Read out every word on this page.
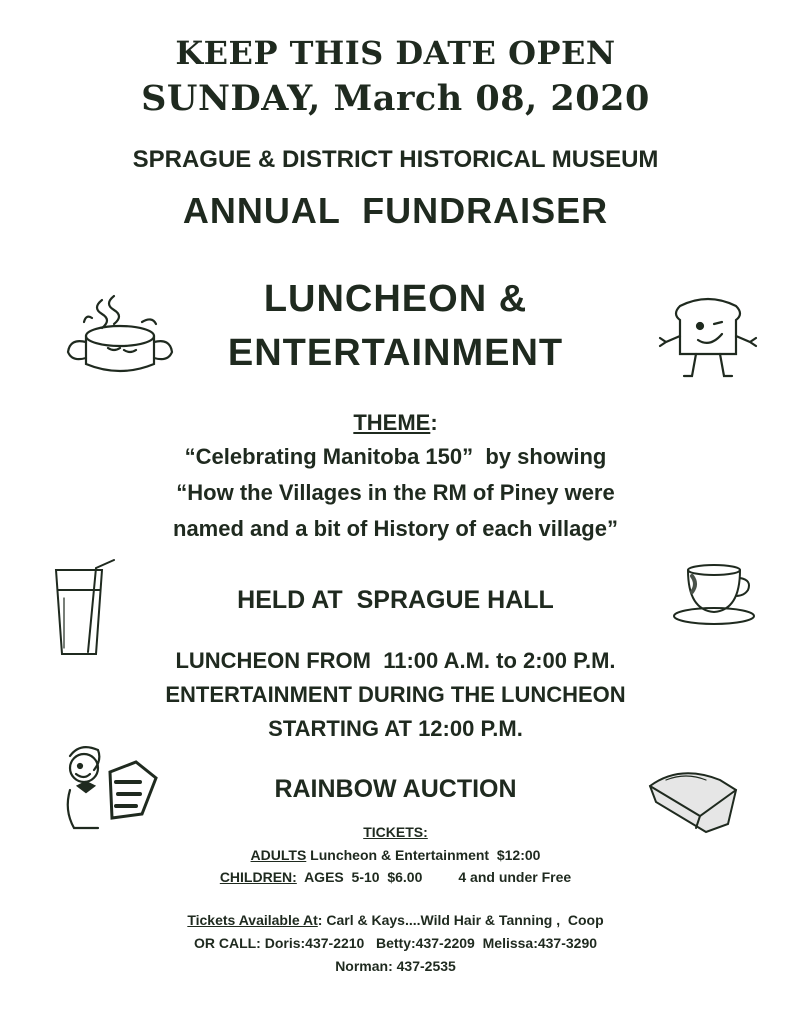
KEEP THIS DATE OPEN
SUNDAY, March 08, 2020
SPRAGUE & DISTRICT HISTORICAL MUSEUM
ANNUAL  FUNDRAISER
LUNCHEON &
ENTERTAINMENT
THEME:
“Celebrating Manitoba 150”  by showing
“How the Villages in the RM of Piney were
named and a bit of History of each village”
HELD AT  SPRAGUE HALL
LUNCHEON FROM  11:00 A.M. to 2:00 P.M.
ENTERTAINMENT DURING THE LUNCHEON
STARTING AT 12:00 P.M.
RAINBOW AUCTION
TICKETS:
ADULTS Luncheon & Entertainment  $12:00
CHILDREN:  AGES  5-10  $6.00	4 and under Free
Tickets Available At: Carl & Kays....Wild Hair & Tanning ,  Coop
OR CALL: Doris:437-2210   Betty:437-2209  Melissa:437-3290
Norman: 437-2535
